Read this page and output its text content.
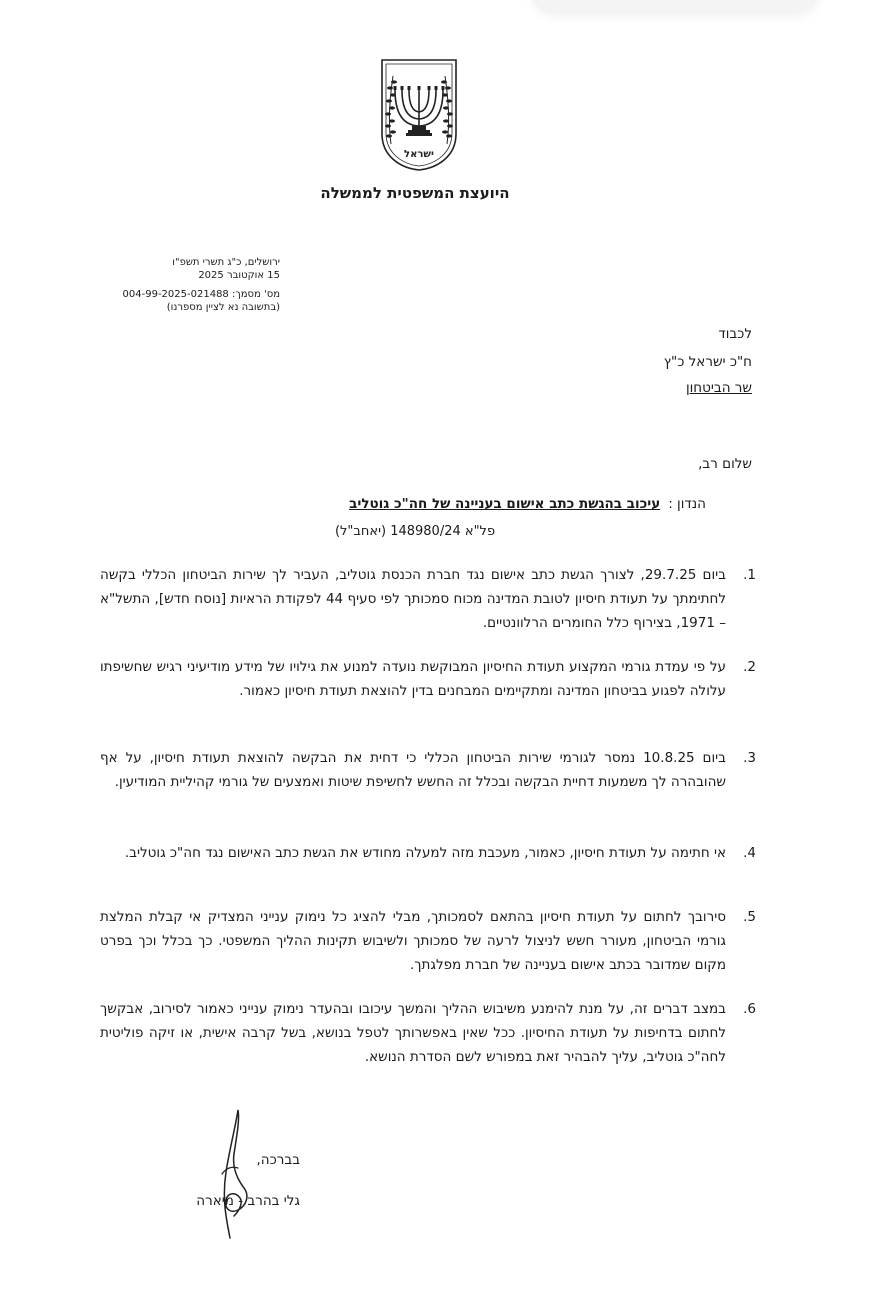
ישראל
היועצת המשפטית לממשלה
ירושלים, כ"ג תשרי תשפ"ו
15 אוקטובר 2025
מס' מסמך: 004-99-2025-021488
(בתשובה נא לציין מספרנו)
לכבוד
ח"כ ישראל כ"ץ
שר הביטחון
שלום רב,
הנדון :עיכוב בהגשת כתב אישום בעניינה של חה"כ גוטליב
פל"א 148980/24 (יאחב"ל)
1.
ביום 29.7.25, לצורך הגשת כתב אישום נגד חברת הכנסת גוטליב, העביר לך שירות הביטחון הכללי בקשה לחתימתך על תעודת חיסיון לטובת המדינה מכוח סמכותך לפי סעיף 44 לפקודת הראיות [נוסח חדש], התשל"א – 1971, בצירוף כלל החומרים הרלוונטיים.
2.
על פי עמדת גורמי המקצוע תעודת החיסיון המבוקשת נועדה למנוע את גילויו של מידע מודיעיני רגיש שחשיפתו עלולה לפגוע בביטחון המדינה ומתקיימים המבחנים בדין להוצאת תעודת חיסיון כאמור.
3.
ביום 10.8.25 נמסר לגורמי שירות הביטחון הכללי כי דחית את הבקשה להוצאת תעודת חיסיון, על אף שהובהרה לך משמעות דחיית הבקשה ובכלל זה החשש לחשיפת שיטות ואמצעים של גורמי קהיליית המודיעין.
4.
אי חתימה על תעודת חיסיון, כאמור, מעכבת מזה למעלה מחודש את הגשת כתב האישום נגד חה"כ גוטליב.
5.
סירובך לחתום על תעודת חיסיון בהתאם לסמכותך, מבלי להציג כל נימוק ענייני המצדיק אי קבלת המלצת גורמי הביטחון, מעורר חשש לניצול לרעה של סמכותך ולשיבוש תקינות ההליך המשפטי. כך בכלל וכך בפרט מקום שמדובר בכתב אישום בעניינה של חברת מפלגתך.
6.
במצב דברים זה, על מנת להימנע משיבוש ההליך והמשך עיכובו ובהעדר נימוק ענייני כאמור לסירוב, אבקשך לחתום בדחיפות על תעודת החיסיון. ככל שאין באפשרותך לטפל בנושא, בשל קרבה אישית, או זיקה פוליטית לחה"כ גוטליב, עליך להבהיר זאת במפורש לשם הסדרת הנושא.
בברכה,
גלי בהרב - מיארה
